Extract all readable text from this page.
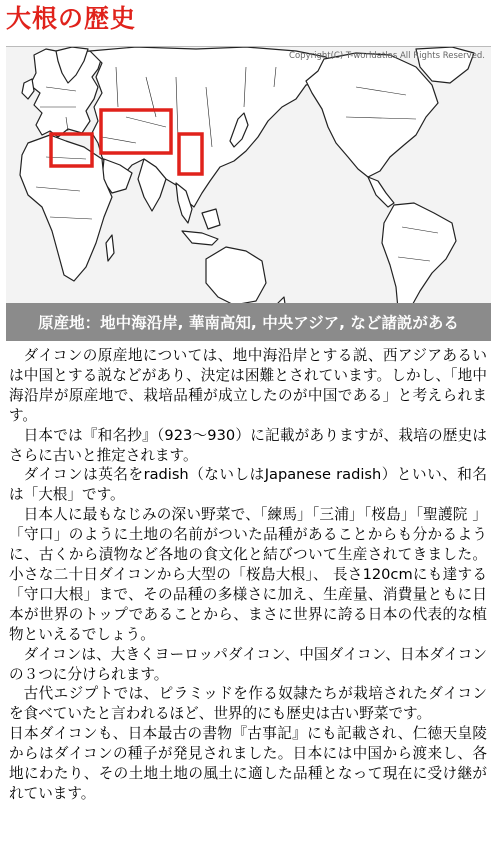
大根の歴史
Copyright(C) T-worldatlas All Rights Reserved.
原産地：地中海沿岸, 華南高知, 中央アジア, など諸説がある

ダイコンの原産地については、地中海沿岸とする説、西アジアあるいは中国とする説などがあり、決定は困難とされています。しかし、「地中海沿岸が原産地で、栽培品種が成立したのが中国である」と考えられます。

日本では『和名抄』（923～930）に記載がありますが、栽培の歴史はさらに古いと推定されます。

ダイコンは英名をradish（ないしはJapanese radish）といい、和名は「大根」です。

日本人に最もなじみの深い野菜で、「練馬」「三浦」「桜島」「聖護院 」「守口」のように土地の名前がついた品種があることからも分かるように、古くから漬物など各地の食文化と結びついて生産されてきました。小さな二十日ダイコンから大型の「桜島大根」、 長さ120cmにも達する「守口大根」まで、その品種の多様さに加え、生産量、消費量ともに日本が世界のトップであることから、まさに世界に誇る日本の代表的な植物といえるでしょう。

ダイコンは、大きくヨーロッパダイコン、中国ダイコン、日本ダイコンの３つに分けられます。

古代エジプトでは、ピラミッドを作る奴隷たちが栽培されたダイコンを食べていたと言われるほど、世界的にも歴史は古い野菜です。

日本ダイコンも、日本最古の書物『古事記』にも記載され、仁徳天皇陵からはダイコンの種子が発見されました。日本には中国から渡来し、各地にわたり、その土地土地の風土に適した品種となって現在に受け継がれています。
